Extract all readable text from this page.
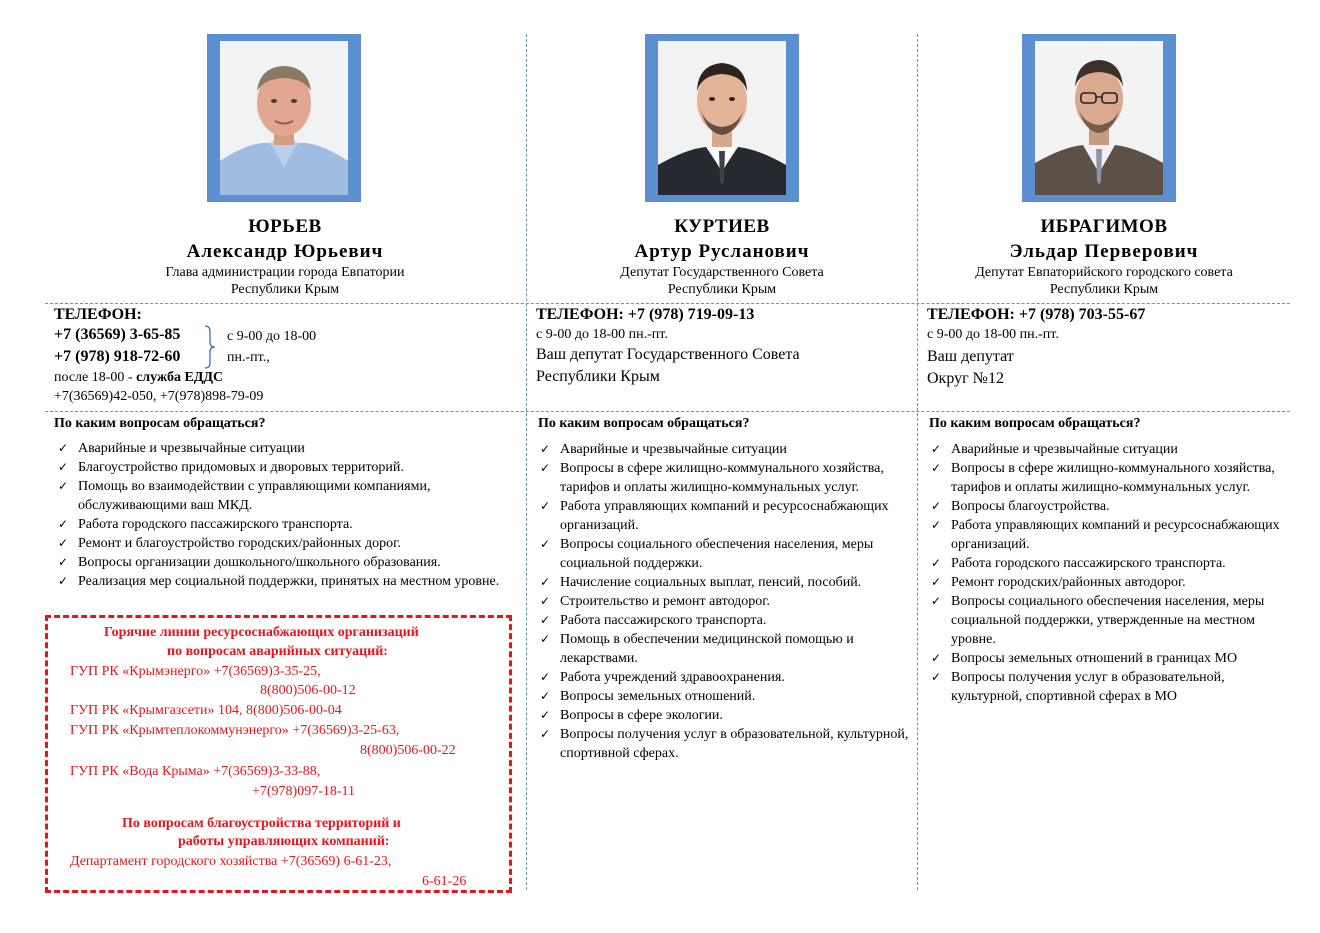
ЮРЬЕВ
Александр Юрьевич
Глава администрации города Евпатории
Республики Крым
ТЕЛЕФОН:
+7 (36569) 3-65-85
+7 (978) 918-72-60
с 9-00 до 18-00
пн.-пт.,
после 18-00 - служба ЕДДС
+7(36569)42-050, +7(978)898-79-09
По каким вопросам обращаться?
✓ Аварийные и чрезвычайные ситуации
✓ Благоустройство придомовых и дворовых территорий.
✓ Помощь во взаимодействии с управляющими компаниями, обслуживающими ваш МКД.
✓ Работа городского пассажирского транспорта.
✓ Ремонт и благоустройство городских/районных дорог.
✓ Вопросы организации дошкольного/школьного образования.
✓ Реализация мер социальной поддержки, принятых на местном уровне.
Горячие линии ресурсоснабжающих организаций
по вопросам аварийных ситуаций:
ГУП РК «Крымэнерго» +7(36569)3-35-25,
8(800)506-00-12
ГУП РК «Крымгазсети» 104, 8(800)506-00-04
ГУП РК «Крымтеплокоммунэнерго» +7(36569)3-25-63,
8(800)506-00-22
ГУП РК «Вода Крыма» +7(36569)3-33-88,
+7(978)097-18-11
По вопросам благоустройства территорий и
работы управляющих компаний:
Департамент городского хозяйства +7(36569) 6-61-23,
6-61-26
КУРТИЕВ
Артур Русланович
Депутат Государственного Совета
Республики Крым
ТЕЛЕФОН: +7 (978) 719-09-13
с 9-00 до 18-00 пн.-пт.
Ваш депутат Государственного Совета
Республики Крым
По каким вопросам обращаться?
✓ Аварийные и чрезвычайные ситуации
✓ Вопросы в сфере жилищно-коммунального хозяйства, тарифов и оплаты жилищно-коммунальных услуг.
✓ Работа управляющих компаний и ресурсоснабжающих организаций.
✓ Вопросы социального обеспечения населения, меры социальной поддержки.
✓ Начисление социальных выплат, пенсий, пособий.
✓ Строительство и ремонт автодорог.
✓ Работа пассажирского транспорта.
✓ Помощь в обеспечении медицинской помощью и лекарствами.
✓ Работа учреждений здравоохранения.
✓ Вопросы земельных отношений.
✓ Вопросы в сфере экологии.
✓ Вопросы получения услуг в образовательной, культурной, спортивной сферах.
ИБРАГИМОВ
Эльдар Перверович
Депутат Евпаторийского городского совета
Республики Крым
ТЕЛЕФОН: +7 (978) 703-55-67
с 9-00 до 18-00 пн.-пт.
Ваш депутат
Округ №12
По каким вопросам обращаться?
✓ Аварийные и чрезвычайные ситуации
✓ Вопросы в сфере жилищно-коммунального хозяйства, тарифов и оплаты жилищно-коммунальных услуг.
✓ Вопросы благоустройства.
✓ Работа управляющих компаний и ресурсоснабжающих организаций.
✓ Работа городского пассажирского транспорта.
✓ Ремонт городских/районных автодорог.
✓ Вопросы социального обеспечения населения, меры социальной поддержки, утвержденные на местном уровне.
✓ Вопросы земельных отношений в границах МО
✓ Вопросы получения услуг в образовательной, культурной, спортивной сферах в МО
